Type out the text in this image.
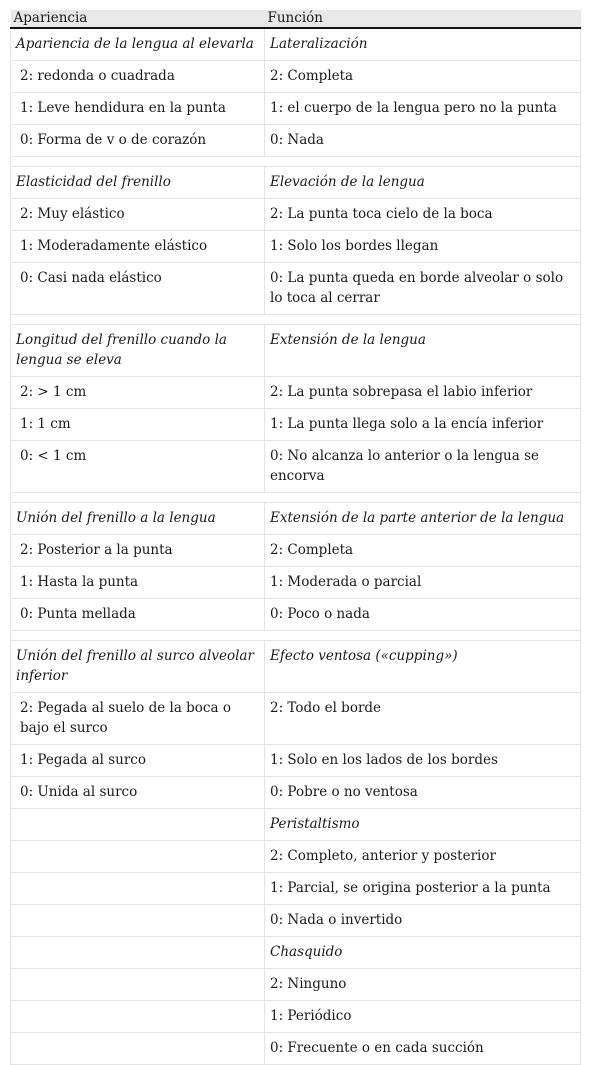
Apariencia	Función
Apariencia de la lengua al elevarla	Lateralización
2: redonda o cuadrada	2: Completa
1: Leve hendidura en la punta	1: el cuerpo de la lengua pero no la punta
0: Forma de v o de corazón	0: Nada

Elasticidad del frenillo	Elevación de la lengua
2: Muy elástico	2: La punta toca cielo de la boca
1: Moderadamente elástico	1: Solo los bordes llegan
0: Casi nada elástico	0: La punta queda en borde alveolar o solo lo toca al cerrar

Longitud del frenillo cuando la lengua se eleva	Extensión de la lengua
2: > 1 cm	2: La punta sobrepasa el labio inferior
1: 1 cm	1: La punta llega solo a la encía inferior
0: < 1 cm	0: No alcanza lo anterior o la lengua se encorva

Unión del frenillo a la lengua	Extensión de la parte anterior de la lengua
2: Posterior a la punta	2: Completa
1: Hasta la punta	1: Moderada o parcial
0: Punta mellada	0: Poco o nada

Unión del frenillo al surco alveolar inferior	Efecto ventosa («cupping»)
2: Pegada al suelo de la boca o bajo el surco	2: Todo el borde
1: Pegada al surco	1: Solo en los lados de los bordes
0: Unida al surco	0: Pobre o no ventosa
	Peristaltismo
	2: Completo, anterior y posterior
	1: Parcial, se origina posterior a la punta
	0: Nada o invertido
	Chasquido
	2: Ninguno
	1: Periódico
	0: Frecuente o en cada succión
